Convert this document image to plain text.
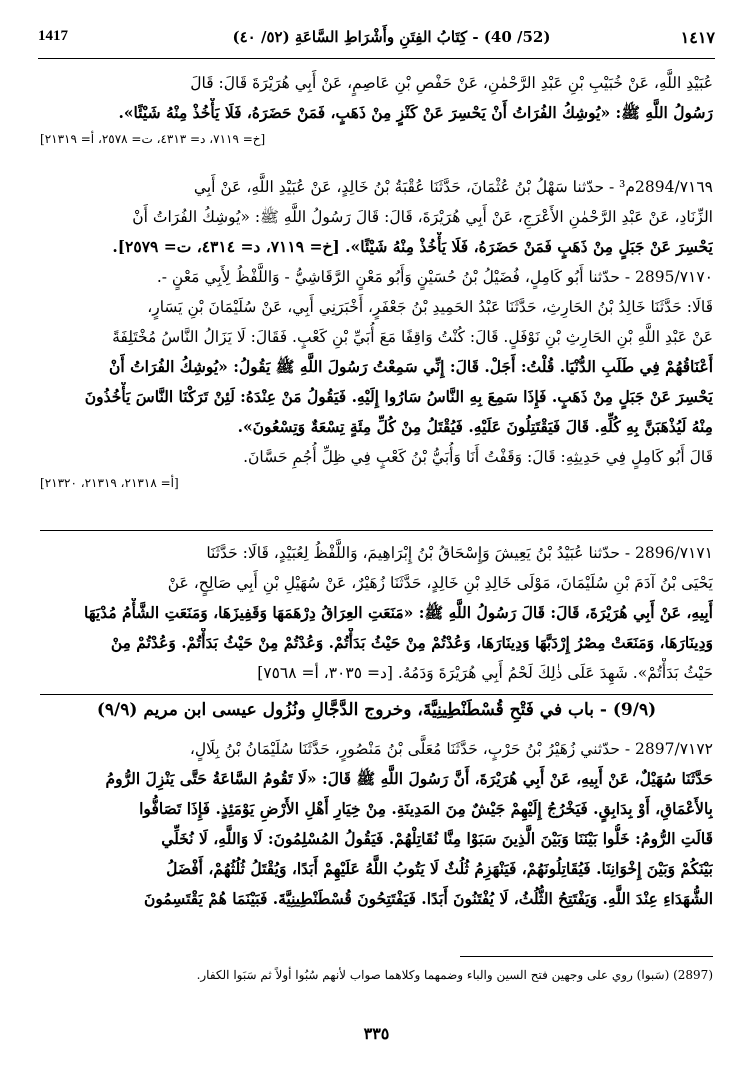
1417	(52/ 40) - كِتَابُ الفِتَنِ وأَشْرَاطِ السَّاعَةِ (٥٢/ ٤٠)	١٤١٧
عُبَيْدِ اللَّهِ، عَنْ خُبَيْبِ بْنِ عَبْدِ الرَّحْمٰنِ، عَنْ حَفْصِ بْنِ عَاصِمٍ، عَنْ أَبِي هُرَيْرَةَ قَالَ: قَالَ
رَسُولُ اللَّهِ ﷺ: «يُوشِكُ الفُرَاتُ أَنْ يَحْسِرَ عَنْ كَنْزٍ مِنْ ذَهَبٍ، فَمَنْ حَضَرَهُ، فَلَا يَأْخُذْ مِنْهُ شَيْئًا».
[خ= ٧١١٩، د= ٤٣١٣، ت= ٢٥٧٨، أ= ٢١٣١٩]
٧١٦٩/2894م³ - حدّثنا سَهْلُ بْنُ عُثْمَانَ، حَدَّثَنَا عُقْبَةُ بْنُ خَالِدٍ، عَنْ عُبَيْدِ اللَّهِ، عَنْ أَبِي
الزِّنَادِ، عَنْ عَبْدِ الرَّحْمٰنِ الأَعْرَجِ، عَنْ أَبِي هُرَيْرَةَ، قَالَ: قَالَ رَسُولُ اللَّهِ ﷺ: «يُوشِكُ الفُرَاتُ أَنْ
يَحْسِرَ عَنْ جَبَلٍ مِنْ ذَهَبٍ فَمَنْ حَضَرَهُ، فَلَا يَأْخُذْ مِنْهُ شَيْئًا». [خ= ٧١١٩، د= ٤٣١٤، ت= ٢٥٧٩].
٧١٧٠/2895 - حدّثنا أَبُو كَامِلٍ، فُضَيْلُ بْنُ حُسَيْنٍ وَأَبُو مَعْنٍ الرَّقَاشِيُّ - وَاللَّفْظُ لِأَبِي مَعْنٍ -.
قَالَا: حَدَّثَنَا خَالِدُ بْنُ الحَارِثِ، حَدَّثَنَا عَبْدُ الحَمِيدِ بْنُ جَعْفَرٍ، أَخْبَرَنِي أَبِي، عَنْ سُلَيْمَانَ بْنِ يَسَارٍ،
عَنْ عَبْدِ اللَّهِ بْنِ الحَارِثِ بْنِ نَوْفَلٍ. قَالَ: كُنْتُ وَاقِفًا مَعَ أُبَيِّ بْنِ كَعْبٍ. فَقَالَ: لَا يَزَالُ النَّاسُ مُخْتَلِفَةً
أَعْنَاقُهُمْ فِي طَلَبِ الدُّنْيَا. قُلْتُ: أَجَلْ. قَالَ: إِنِّي سَمِعْتُ رَسُولَ اللَّهِ ﷺ يَقُولُ: «يُوشِكُ الفُرَاتُ أَنْ
يَحْسِرَ عَنْ جَبَلٍ مِنْ ذَهَبٍ. فَإِذَا سَمِعَ بِهِ النَّاسُ سَارُوا إِلَيْهِ. فَيَقُولُ مَنْ عِنْدَهُ: لَئِنْ تَرَكْنَا النَّاسَ يَأْخُذُونَ
مِنْهُ لَيُذْهَبَنَّ بِهِ كُلِّهِ. قَالَ فَيَقْتَتِلُونَ عَلَيْهِ. فَيُقْتَلُ مِنْ كُلِّ مِئَةٍ تِسْعَةٌ وَتِسْعُونَ».
قَالَ أَبُو كَامِلٍ فِي حَدِيثِهِ: قَالَ: وَقَفْتُ أَنَا وَأُبَيُّ بْنُ كَعْبٍ فِي ظِلِّ أُجُمِ حَسَّانَ.
[أ= ٢١٣١٨، ٢١٣١٩، ٢١٣٢٠]
٧١٧١/2896 - حدّثنا عُبَيْدُ بْنُ يَعِيشَ وَإِسْحَاقُ بْنُ إِبْرَاهِيمَ، وَاللَّفْظُ لِعُبَيْدٍ، قَالَا: حَدَّثَنَا
يَحْيَى بْنُ آدَمَ بْنِ سُلَيْمَانَ، مَوْلَى خَالِدِ بْنِ خَالِدٍ، حَدَّثَنَا زُهَيْرٌ، عَنْ سُهَيْلِ بْنِ أَبِي صَالِحٍ، عَنْ
أَبِيهِ، عَنْ أَبِي هُرَيْرَةَ، قَالَ: قَالَ رَسُولُ اللَّهِ ﷺ: «مَنَعَتِ العِرَاقُ دِرْهَمَهَا وَقَفِيزَهَا، وَمَنَعَتِ الشَّأْمُ مُدْيَهَا
وَدِينَارَهَا، وَمَنَعَتْ مِصْرُ إِرْدَبَّهَا وَدِينَارَهَا، وَعُدْتُمْ مِنْ حَيْثُ بَدَأْتُمْ. وَعُدْتُمْ مِنْ حَيْثُ بَدَأْتُمْ. وَعُدْتُمْ مِنْ
حَيْثُ بَدَأْتُمْ». شَهِدَ عَلَى ذٰلِكَ لَحْمُ أَبِي هُرَيْرَةَ وَدَمُهُ. [د= ٣٠٣٥، أ= ٧٥٦٨]
(٩/9) - باب في فَتْحِ قُسْطَنْطِينِيَّةَ، وخروج الدَّجَّالِ ونُزُول عيسى ابن مريم (٩/٩)
٧١٧٢/2897 - حدّثني زُهَيْرُ بْنُ حَرْبٍ، حَدَّثَنَا مُعَلَّى بْنُ مَنْصُورٍ، حَدَّثَنَا سُلَيْمَانُ بْنُ بِلَالٍ،
حَدَّثَنَا سُهَيْلٌ، عَنْ أَبِيهِ، عَنْ أَبِي هُرَيْرَةَ، أَنَّ رَسُولَ اللَّهِ ﷺ قَالَ: «لَا تَقُومُ السَّاعَةُ حَتَّى يَنْزِلَ الرُّومُ
بِالأَعْمَاقِ، أَوْ بِدَابِقٍ. فَيَخْرُجُ إِلَيْهِمْ جَيْشٌ مِنَ المَدِينَةِ. مِنْ خِيَارِ أَهْلِ الأَرْضِ يَوْمَئِذٍ. فَإِذَا تَصَافُّوا
قَالَتِ الرُّومُ: خَلُّوا بَيْنَنَا وَبَيْنَ الَّذِينَ سَبَوْا مِنَّا نُقَاتِلْهُمْ. فَيَقُولُ المُسْلِمُونَ: لَا وَاللَّهِ، لَا نُخَلِّي
بَيْنَكُمْ وَبَيْنَ إِخْوَانِنَا. فَيُقَاتِلُونَهُمْ، فَيَنْهَزِمُ ثُلُثٌ لَا يَتُوبُ اللَّهُ عَلَيْهِمْ أَبَدًا، وَيُقْتَلُ ثُلُثُهُمْ، أَفْضَلُ
الشُّهَدَاءِ عِنْدَ اللَّهِ. وَيَفْتَتِحُ الثُّلُثُ، لَا يُفْتَنُونَ أَبَدًا. فَيَفْتَتِحُونَ قُسْطَنْطِينِيَّةَ. فَبَيْنَمَا هُمْ يَقْتَسِمُونَ
(2897) (سَبوا) روي على وجهين فتح السين والباء وضمهما وكلاهما صواب لأنهم سُبُوا أولاً ثم سَبَوا الكفار.
٣٣٥
